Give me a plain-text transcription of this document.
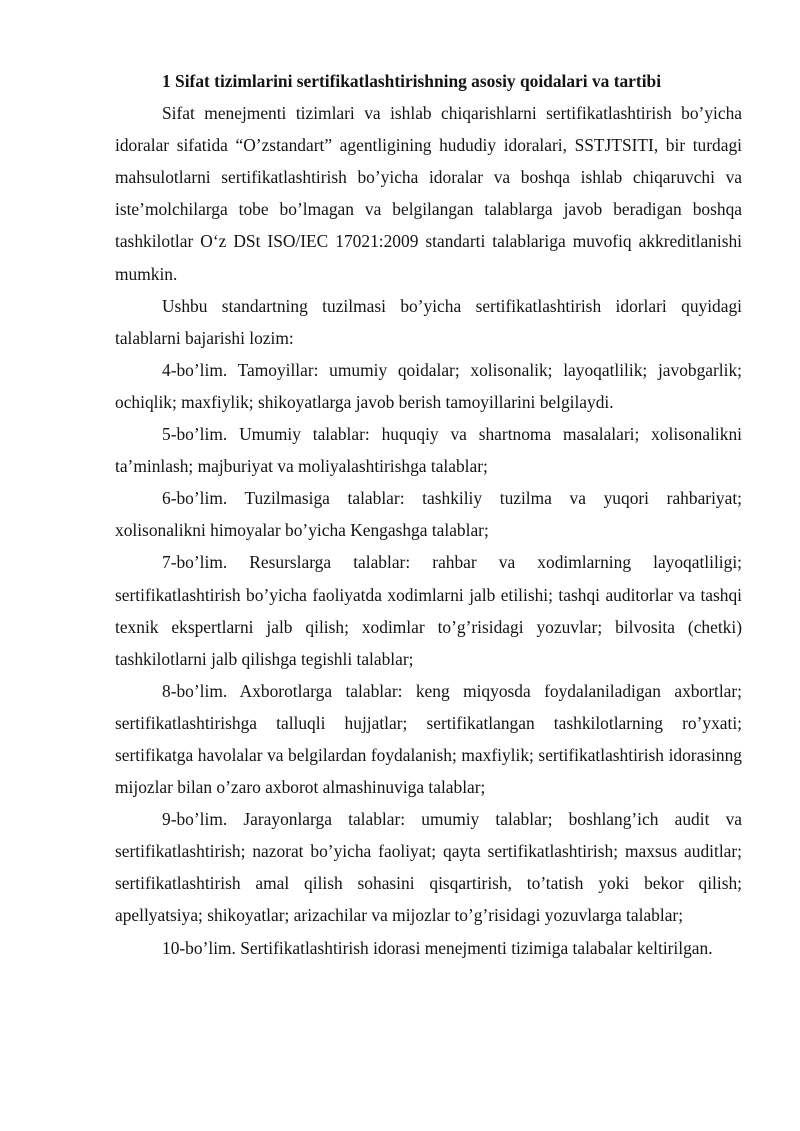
1 Sifat tizimlarini sertifikatlashtirishning asosiy qoidalari va tartibi

Sifat menejmenti tizimlari va ishlab chiqarishlarni sertifikatlashtirish bo’yicha idoralar sifatida “O’zstandart” agentligining hududiy idoralari, SSTJTSITI, bir turdagi mahsulotlarni sertifikatlashtirish bo’yicha idoralar va boshqa ishlab chiqaruvchi va iste’molchilarga tobe bo’lmagan va belgilangan talablarga javob beradigan boshqa tashkilotlar O‘z DSt ISO/IEC 17021:2009 standarti talablariga muvofiq akkreditlanishi mumkin.

Ushbu standartning tuzilmasi bo’yicha sertifikatlashtirish idorlari quyidagi talablarni bajarishi lozim:

4-bo’lim. Tamoyillar: umumiy qoidalar; xolisonalik; layoqatlilik; javobgarlik; ochiqlik; maxfiylik; shikoyatlarga javob berish tamoyillarini belgilaydi.

5-bo’lim. Umumiy talablar: huquqiy va shartnoma masalalari; xolisonalikni ta’minlash; majburiyat va moliyalashtirishga talablar;

6-bo’lim. Tuzilmasiga talablar: tashkiliy tuzilma va yuqori rahbariyat; xolisonalikni himoyalar bo’yicha Kengashga talablar;

7-bo’lim. Resurslarga talablar: rahbar va xodimlarning layoqatliligi; sertifikatlashtirish bo’yicha faoliyatda xodimlarni jalb etilishi; tashqi auditorlar va tashqi texnik ekspertlarni jalb qilish; xodimlar to’g’risidagi yozuvlar; bilvosita (chetki) tashkilotlarni jalb qilishga tegishli talablar;

8-bo’lim. Axborotlarga talablar: keng miqyosda foydalaniladigan axbortlar; sertifikatlashtirishga talluqli hujjatlar; sertifikatlangan tashkilotlarning ro’yxati; sertifikatga havolalar va belgilardan foydalanish; maxfiylik; sertifikatlashtirish idorasinng mijozlar bilan o’zaro axborot almashinuviga talablar;

9-bo’lim. Jarayonlarga talablar: umumiy talablar; boshlang’ich audit va sertifikatlashtirish; nazorat bo’yicha faoliyat; qayta sertifikatlashtirish; maxsus auditlar; sertifikatlashtirish amal qilish sohasini qisqartirish, to’tatish yoki bekor qilish; apellyatsiya; shikoyatlar; arizachilar va mijozlar to’g’risidagi yozuvlarga talablar;

10-bo’lim. Sertifikatlashtirish idorasi menejmenti tizimiga talabalar keltirilgan.
